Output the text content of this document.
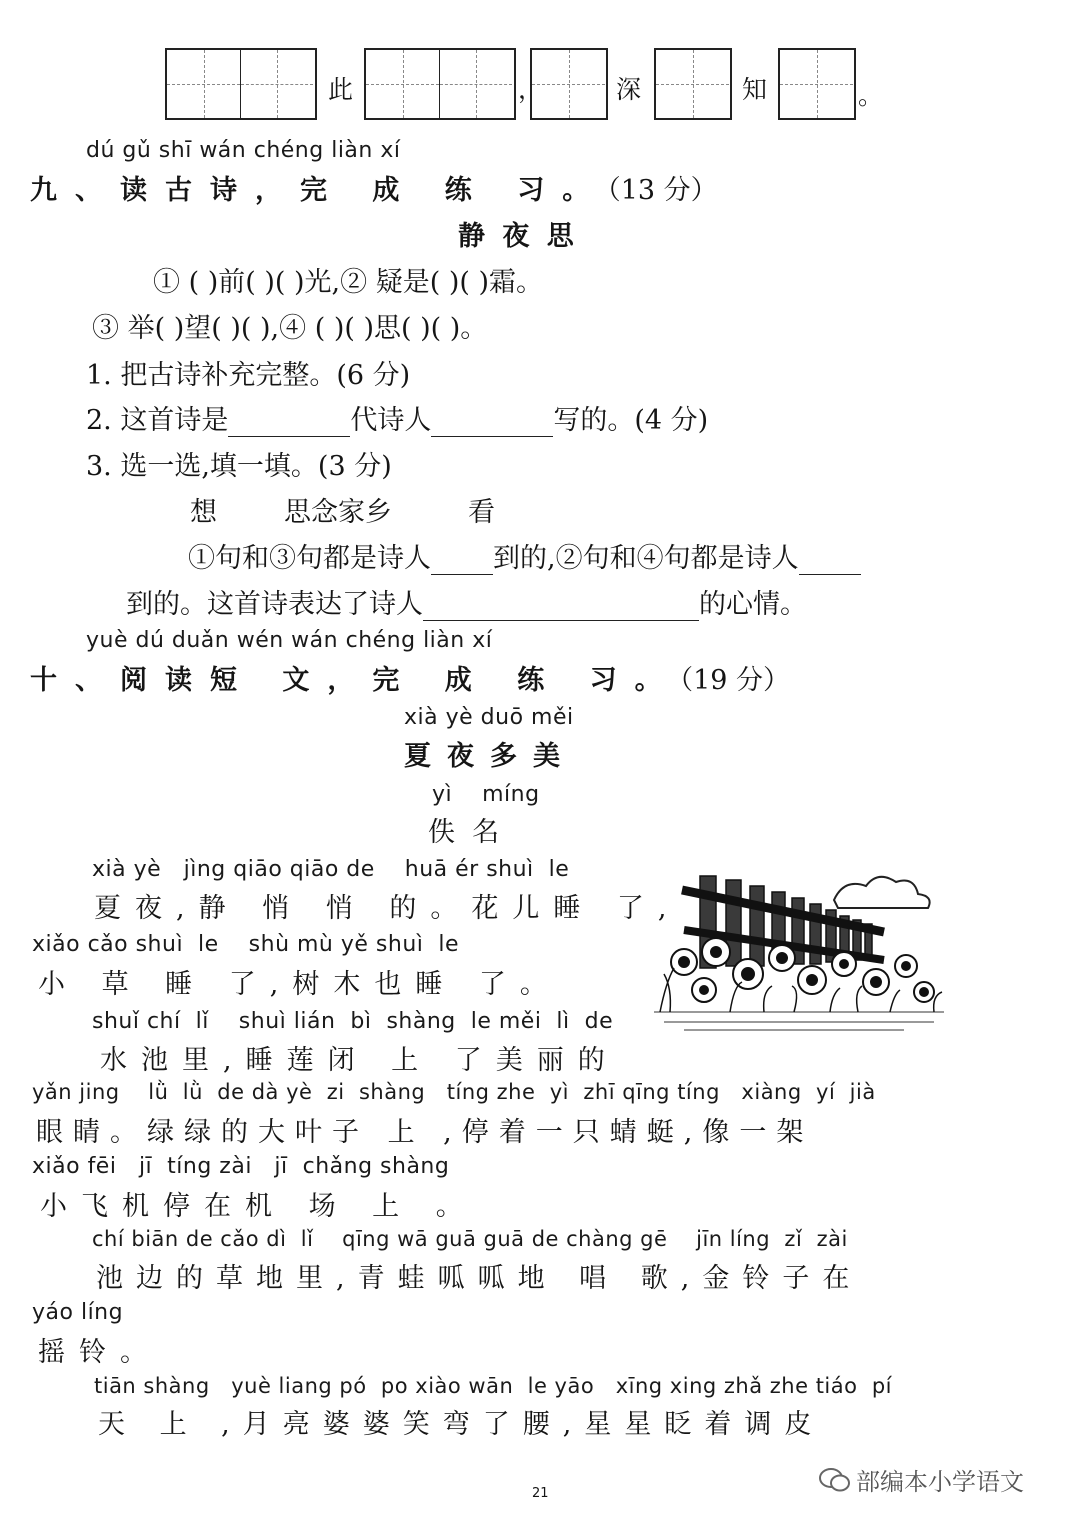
此	，	深	知	。
dú gǔ shī wán chéng liàn xí
九、读古诗，完 成 练 习。（13 分）
静 夜 思
① ( )前( )( )光,② 疑是( )( )霜。
③ 举( )望( )( ),④ ( )( )思( )( )。
1. 把古诗补充完整。(6 分)
2. 这首诗是	代诗人	写的。(4 分)
3. 选一选,填一填。(3 分)
想 思念家乡	看
①句和③句都是诗人 到的,②句和④句都是诗人
到的。这首诗表达了诗人	的心情。
yuè dú duǎn wén wán chéng liàn xí
十、阅读短 文，完 成 练 习。（19 分）
xià yè duō měi
夏夜多美
yì    míng
佚  名
xià yè   jìng qiāo qiāo de    huā ér shuì  le
夏夜,静 悄 悄 的。花儿睡 了,
xiǎo cǎo shuì  le    shù mù yě shuì  le
小 草 睡 了,树木也睡 了。
shuǐ chí  lǐ    shuì lián  bì  shàng  le měi  lì  de
水池里,睡莲闭 上 了美丽的
yǎn jing    lǜ  lǜ  de dà yè  zi  shàng   tíng zhe  yì  zhī qīng tíng   xiàng  yí  jià
眼睛。绿绿的大叶子 上 ,停着一只蜻蜓,像一架
xiǎo fēi   jī  tíng zài   jī  chǎng shàng
小飞机停在机 场 上 。
chí biān de cǎo dì  lǐ    qīng wā guā guā de chàng gē    jīn líng  zǐ  zài
池边的草地里,青蛙呱呱地 唱 歌,金铃子在
yáo líng
摇铃。
tiān shàng   yuè liang pó  po xiào wān  le yāo   xīng xing zhǎ zhe tiáo  pí
天 上 ,月亮婆婆笑弯了腰,星星眨着调皮
21	部编本小学语文
